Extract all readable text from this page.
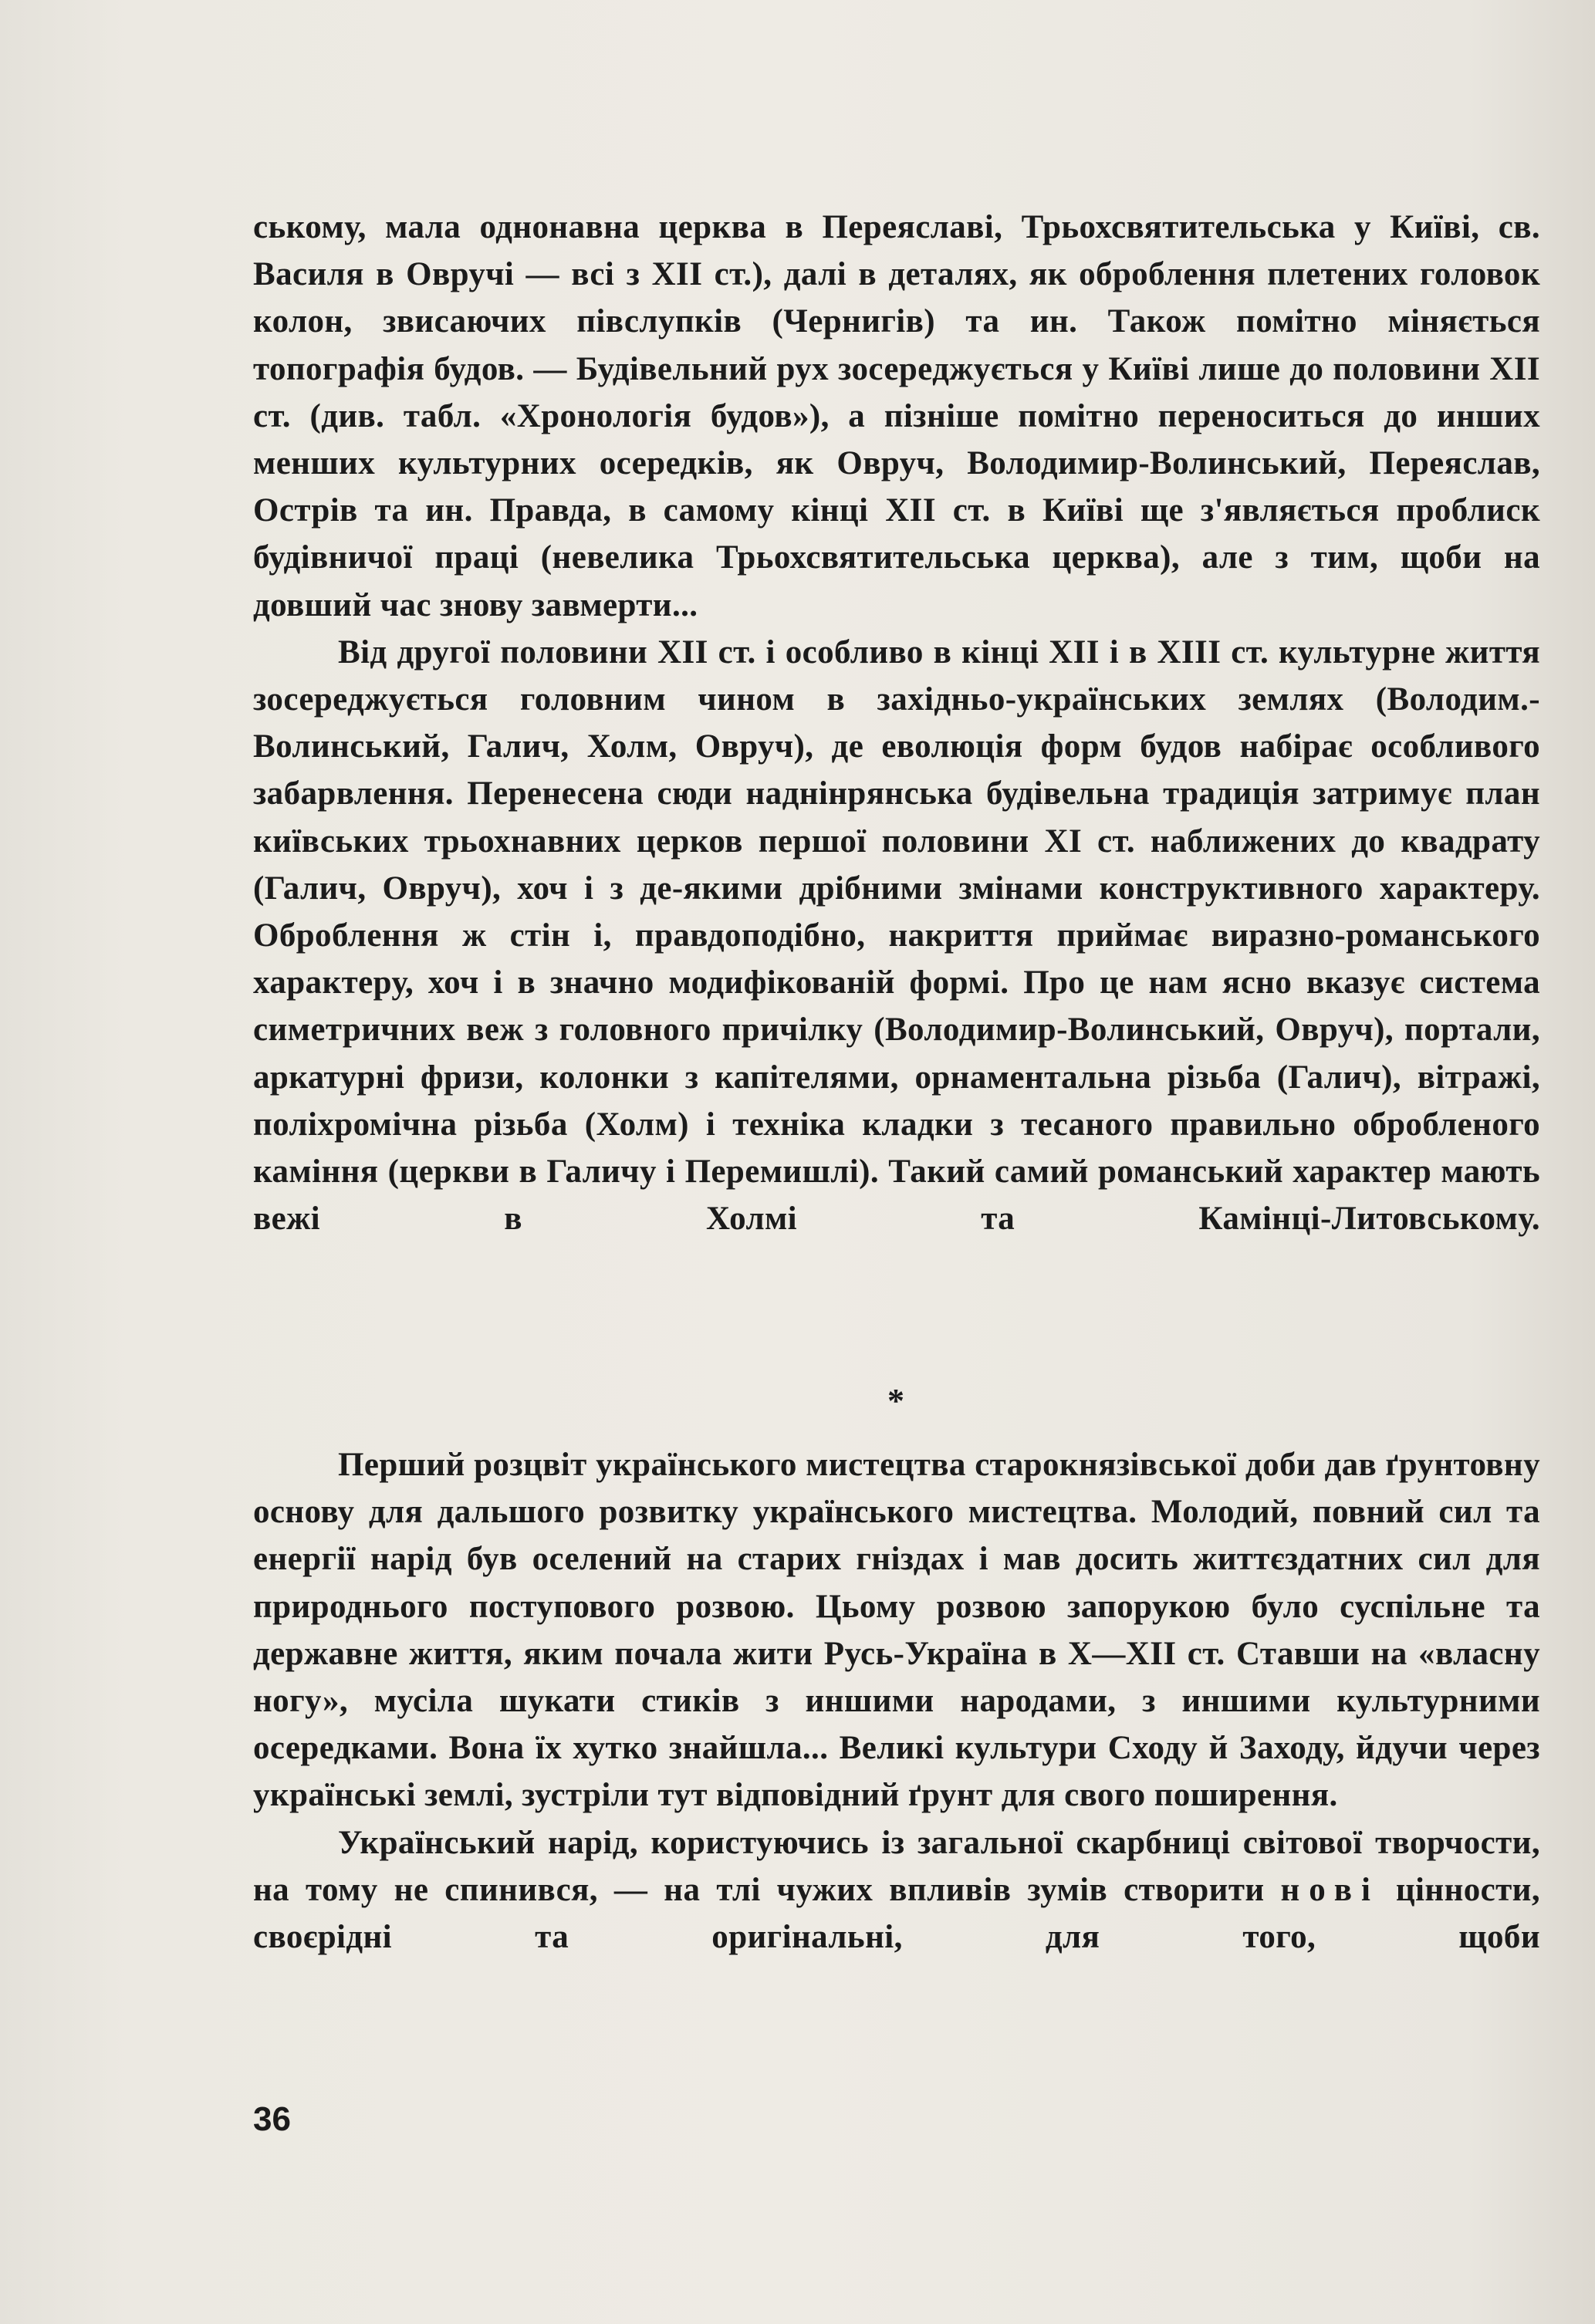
ському, мала однонавна церква в Переяславі, Трьохсвятительська у Київі, св. Василя в Овручі — всі з XII ст.), далі в деталях, як оброблення плетених головок колон, звисаючих півслупків (Чернигів) та ин. Також помітно міняється топографія будов. — Будівельний рух зосереджується у Київі лише до половини XII ст. (див. табл. «Хронологія будов»), а пізніше помітно переноситься до инших менших культурних осередків, як Овруч, Володимир-Волинський, Переяслав, Острів та ин. Правда, в самому кінці XII ст. в Київі ще з'являється проблиск будівничої праці (невелика Трьохсвятительська церква), але з тим, щоби на довший час знову завмерти...

Від другої половини XII ст. і особливо в кінці XII і в XIII ст. культурне життя зосереджується головним чином в західньо-українських землях (Володим.-Волинський, Галич, Холм, Овруч), де еволюція форм будов набірає особливого забарвлення. Перенесена сюди наднінрянська будівельна традиція затримує план київських трьохнавних церков першої половини XI ст. наближених до квадрату (Галич, Овруч), хоч і з де-якими дрібними змінами конструктивного характеру. Оброблення ж стін і, правдоподібно, накриття приймає виразно-романського характеру, хоч і в значно модифікованій формі. Про це нам ясно вказує система симетричних веж з головного причілку (Володимир-Волинський, Овруч), портали, аркатурні фризи, колонки з капітелями, орнаментальна різьба (Галич), вітражі, поліхромічна різьба (Холм) і техніка кладки з тесаного правильно обробленого каміння (церкви в Галичу і Перемишлі). Такий самий романський характер мають вежі в Холмі та Камінці-Литовському.

*

Перший розцвіт українського мистецтва старокнязівської доби дав ґрунтовну основу для дальшого розвитку українського мистецтва. Молодий, повний сил та енергії нарід був оселений на старих гніздах і мав досить життєздатних сил для природнього поступового розвою. Цьому розвою запорукою було суспільне та державне життя, яким почала жити Русь-Україна в X—XII ст. Ставши на «власну ногу», мусіла шукати стиків з иншими народами, з иншими культурними осередками. Вона їх хутко знайшла... Великі культури Сходу й Заходу, йдучи через українські землі, зустріли тут відповідний ґрунт для свого поширення.

Український нарід, користуючись із загальної скарбниці світової творчости, на тому не спинився, — на тлі чужих впливів зумів створити нові цінности, своєрідні та оригінальні, для того, щоби

36
